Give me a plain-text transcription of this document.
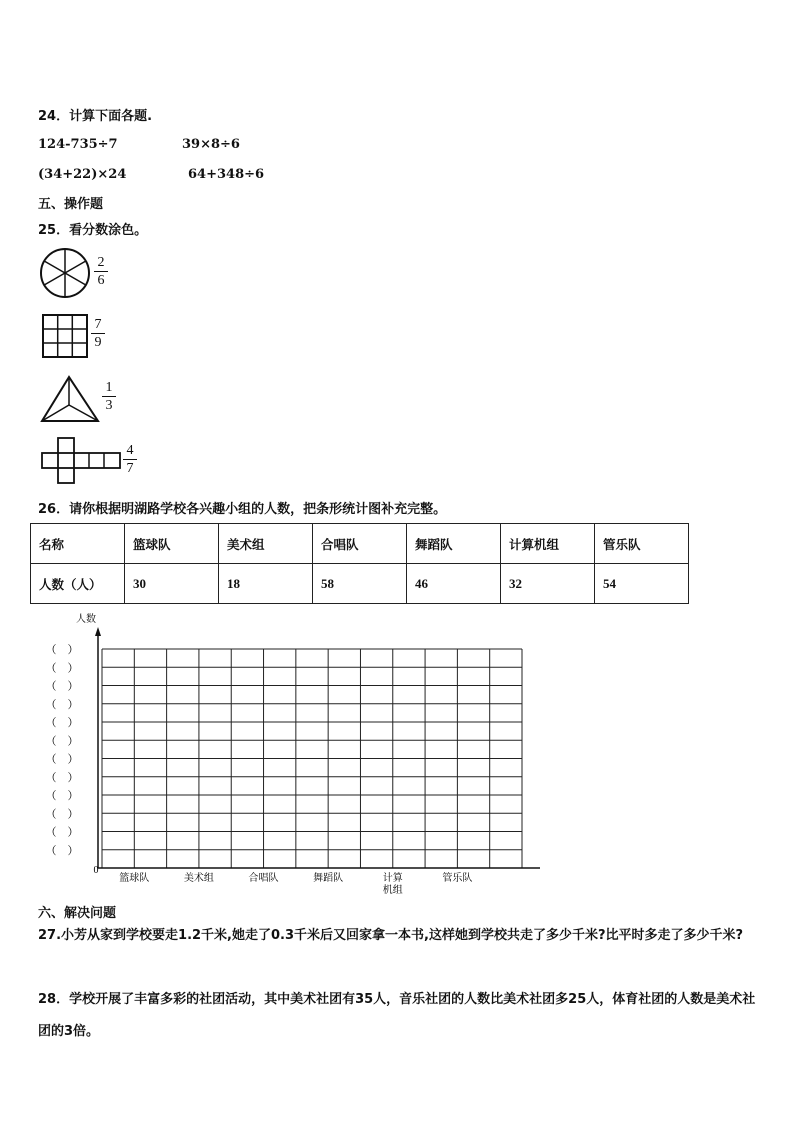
24．计算下面各题.
124-735÷7	39×8÷6
(34+22)×24	64+348÷6
五、操作题
25．看分数涂色。
2
6
7
9
1
3
4
7
26．请你根据明湖路学校各兴趣小组的人数，把条形统计图补充完整。
名称	篮球队	美术组	合唱队	舞蹈队	计算机组	管乐队
人数（人）	30	18	58	46	32	54
人数
0
（　）
（　）
（　）
（　）
（　）
（　）
（　）
（　）
（　）
（　）
（　）
（　）
篮球队	美术组	合唱队	舞蹈队	计算
机组
管乐队
六、解决问题
27.小芳从家到学校要走1.2千米,她走了0.3千米后又回家拿一本书,这样她到学校共走了多少千米?比平时多走了多少千米?
28．学校开展了丰富多彩的社团活动，其中美术社团有35人，音乐社团的人数比美术社团多25人，体育社团的人数是美术社团的3倍。
